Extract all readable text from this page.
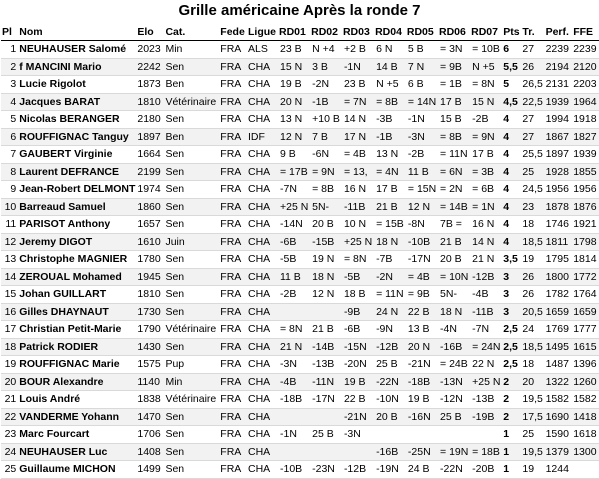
Grille américaine Après la ronde 7
Pl	Nom	Elo	Cat.	Fede	Ligue	RD01	RD02	RD03	RD04	RD05	RD06	RD07	Pts	Tr.	Perf.	FFE
1	NEUHAUSER Salomé	2023	Min	FRA	ALS	23 B	N +4	+2 B	6 N	5 B	= 3N	= 10B	6	27	2239	2239
2	f MANCINI Mario	2242	Sen	FRA	CHA	15 N	3 B	-1N	14 B	7 N	= 9B	N +5	5,5	26	2194	2120
3	Lucie Rigolot	1873	Ben	FRA	CHA	19 B	-2N	23 B	N +5	6 B	= 1B	= 8N	5	26,5	2131	2203
4	Jacques BARAT	1810	Vétérinaire	FRA	CHA	20 N	-1B	= 7N	= 8B	= 14N	17 B	15 N	4,5	22,5	1939	1964
5	Nicolas BERANGER	2180	Sen	FRA	CHA	13 N	+10 B	14 N	-3B	-1N	15 B	-2B	4	27	1994	1918
6	ROUFFIGNAC Tanguy	1897	Ben	FRA	IDF	12 N	7 B	17 N	-1B	-3N	= 8B	= 9N	4	27	1867	1827
7	GAUBERT Virginie	1664	Sen	FRA	CHA	9 B	-6N	= 4B	13 N	-2B	= 11N	17 B	4	25,5	1897	1939
8	Laurent DEFRANCE	2199	Sen	FRA	CHA	= 17B	= 9N	= 13,	= 4N	11 B	= 6N	= 3B	4	25	1928	1855
9	Jean-Robert DELMONT	1974	Sen	FRA	CHA	-7N	= 8B	16 N	17 B	= 15N	= 2N	= 6B	4	24,5	1956	1956
10	Barreaud Samuel	1860	Sen	FRA	CHA	+25 N	5N-	-11B	21 B	12 N	= 14B	= 1N	4	23	1878	1876
11	PARISOT Anthony	1657	Sen	FRA	CHA	-14N	20 B	10 N	= 15B	-8N	7B =	16 N	4	18	1746	1921
12	Jeremy DIGOT	1610	Juin	FRA	CHA	-6B	-15B	+25 N	18 N	-10B	21 B	14 N	4	18,5	1811	1798
13	Christophe MAGNIER	1780	Sen	FRA	CHA	-5B	19 N	= 8N	-7B	-17N	20 B	21 N	3,5	19	1795	1814
14	ZEROUAL Mohamed	1945	Sen	FRA	CHA	11 B	18 N	-5B	-2N	= 4B	= 10N	-12B	3	26	1800	1772
15	Johan GUILLART	1810	Sen	FRA	CHA	-2B	12 N	18 B	= 11N	= 9B	5N-	-4B	3	26	1782	1764
16	Gilles DHAYNAUT	1730	Sen	FRA	CHA			-9B	24 N	22 B	18 N	-11B	3	20,5	1659	1659
17	Christian Petit-Marie	1790	Vétérinaire	FRA	CHA	= 8N	21 B	-6B	-9N	13 B	-4N	-7N	2,5	24	1769	1777
18	Patrick RODIER	1430	Sen	FRA	CHA	21 N	-14B	-15N	-12B	20 N	-16B	= 24N	2,5	18,5	1495	1615
19	ROUFFIGNAC Marie	1575	Pup	FRA	CHA	-3N	-13B	-20N	25 B	-21N	= 24B	22 N	2,5	18	1487	1396
20	BOUR Alexandre	1140	Min	FRA	CHA	-4B	-11N	19 B	-22N	-18B	-13N	+25 N	2	20	1322	1260
21	Louis André	1838	Vétérinaire	FRA	CHA	-18B	-17N	22 B	-10N	19 B	-12N	-13B	2	19,5	1582	1582
22	VANDERME Yohann	1470	Sen	FRA	CHA			-21N	20 B	-16N	25 B	-19B	2	17,5	1690	1418
23	Marc Fourcart	1706	Sen	FRA	CHA	-1N	25 B	-3N					1	25	1590	1618
24	NEUHAUSER Luc	1408	Sen	FRA	CHA				-16B	-25N	= 19N	= 18B	1	19,5	1379	1300
25	Guillaume MICHON	1499	Sen	FRA	CHA	-10B	-23N	-12B	-19N	24 B	-22N	-20B	1	19	1244	
